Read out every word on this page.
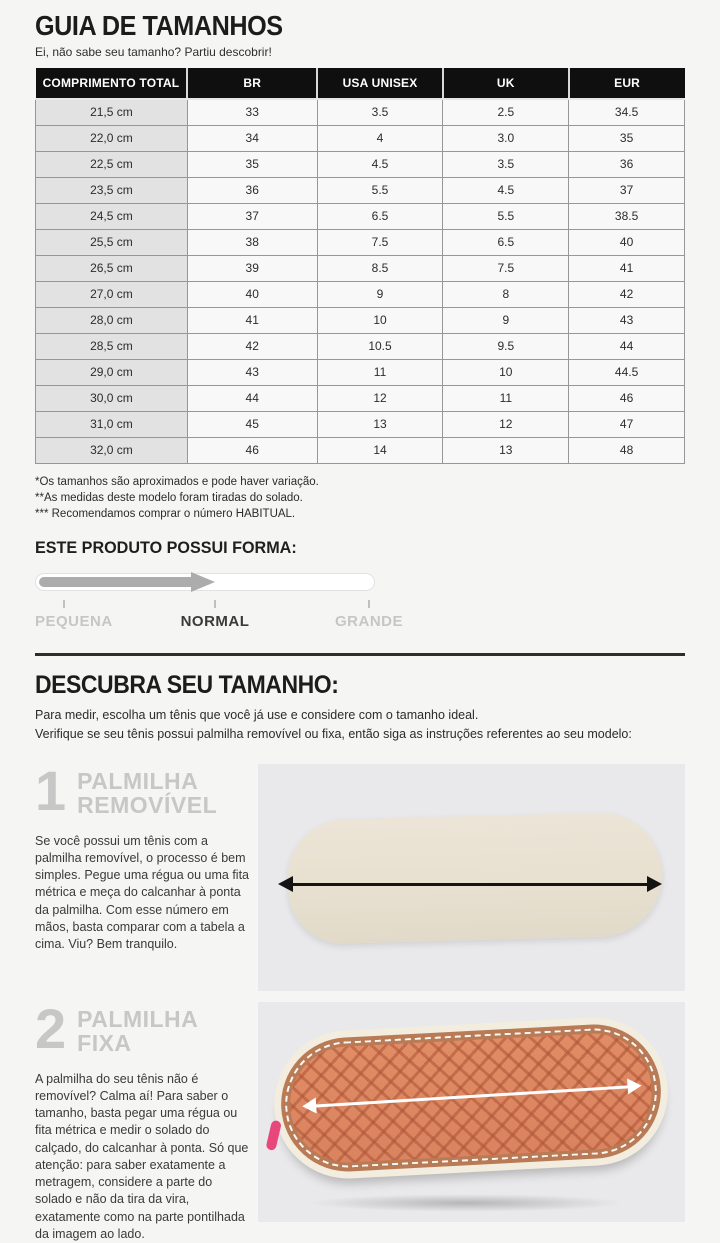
GUIA DE TAMANHOS
Ei, não sabe seu tamanho? Partiu descobrir!
COMPRIMENTO TOTAL	BR	USA UNISEX	UK	EUR
21,5 cm	33	3.5	2.5	34.5
22,0 cm	34	4	3.0	35
22,5 cm	35	4.5	3.5	36
23,5 cm	36	5.5	4.5	37
24,5 cm	37	6.5	5.5	38.5
25,5 cm	38	7.5	6.5	40
26,5 cm	39	8.5	7.5	41
27,0 cm	40	9	8	42
28,0 cm	41	10	9	43
28,5 cm	42	10.5	9.5	44
29,0 cm	43	11	10	44.5
30,0 cm	44	12	11	46
31,0 cm	45	13	12	47
32,0 cm	46	14	13	48
*Os tamanhos são aproximados e pode haver variação.
**As medidas deste modelo foram tiradas do solado.
*** Recomendamos comprar o número HABITUAL.
ESTE PRODUTO POSSUI FORMA:
PEQUENA	NORMAL	GRANDE
DESCUBRA SEU TAMANHO:
Para medir, escolha um tênis que você já use e considere com o tamanho ideal.
Verifique se seu tênis possui palmilha removível ou fixa, então siga as instruções referentes ao seu modelo:
1 PALMILHA
REMOVÍVEL
Se você possui um tênis com a palmilha removível, o processo é bem simples. Pegue uma régua ou uma fita métrica e meça do calcanhar à ponta da palmilha. Com esse número em mãos, basta comparar com a tabela a cima. Viu? Bem tranquilo.
2 PALMILHA
FIXA
A palmilha do seu tênis não é removível? Calma aí! Para saber o tamanho, basta pegar uma régua ou fita métrica e medir o solado do calçado, do calcanhar à ponta. Só que atenção: para saber exatamente a metragem, considere a parte do solado e não da tira da vira, exatamente como na parte pontilhada da imagem ao lado.
